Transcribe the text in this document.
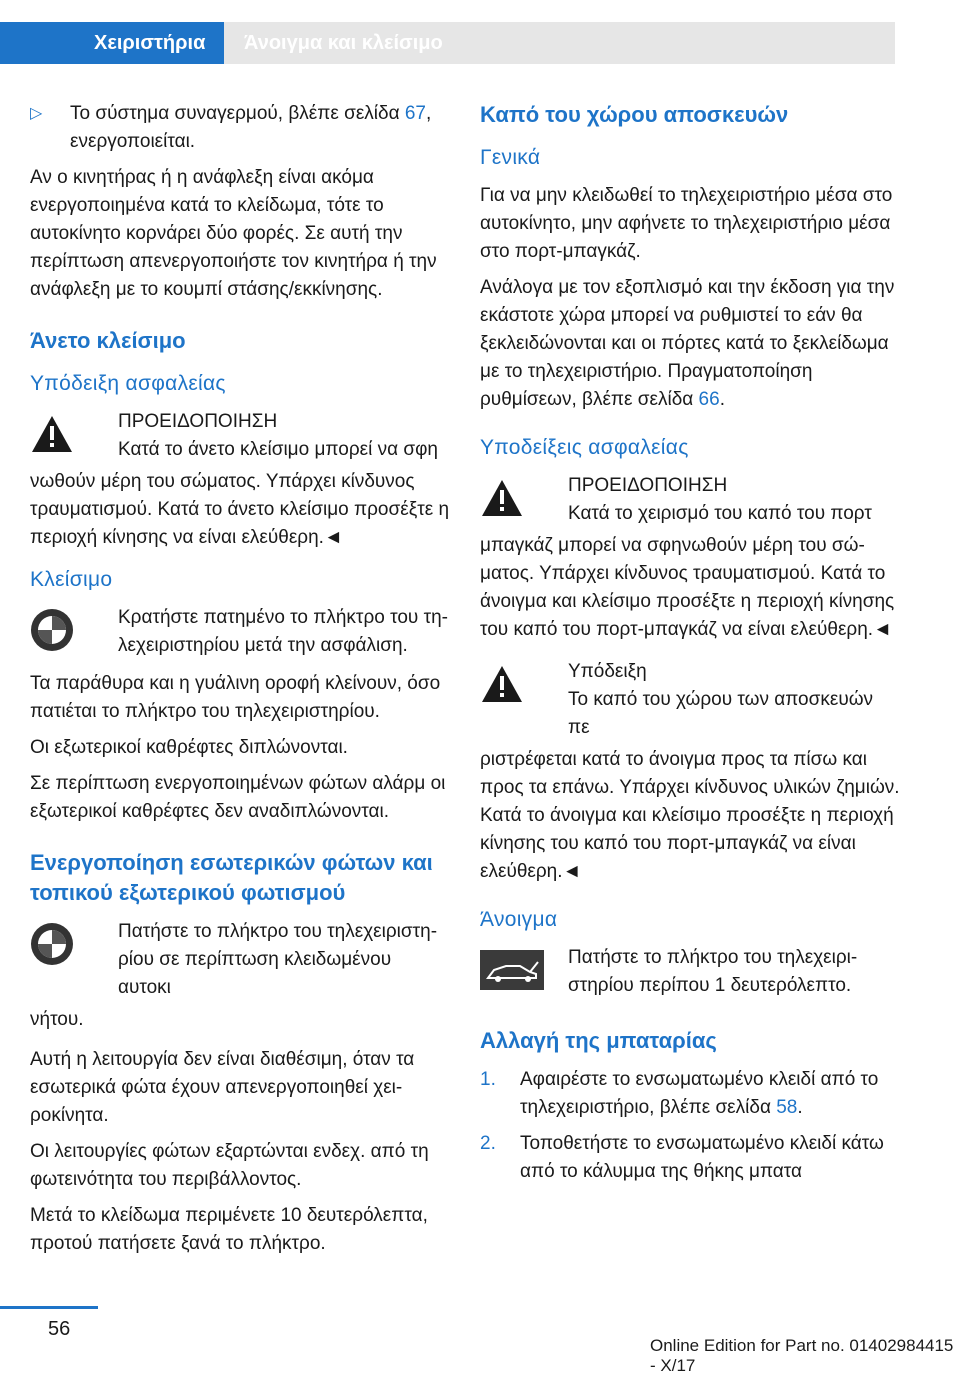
Χειριστήρια	Άνοιγμα και κλείσιμο
▷	Το σύστημα συναγερμού, βλέπε σελίδα 67, ενεργοποιείται.

Αν ο κινητήρας ή η ανάφλεξη είναι ακόμα ενεργοποιημένα κατά το κλείδωμα, τότε το αυτοκίνητο κορνάρει δύο φορές. Σε αυτή την περίπτωση απενεργοποιήστε τον κινητήρα ή την ανάφλεξη με το κουμπί στάσης/εκκίνησης.

Άνετο κλείσιμο
Υπόδειξη ασφαλείας
ΠΡΟΕΙΔΟΠΟΙΗΣΗ
Κατά το άνετο κλείσιμο μπορεί να σφη

νωθούν μέρη του σώματος. Υπάρχει κίνδυνος τραυματισμού. Κατά το άνετο κλείσιμο προσέξτε η περιοχή κίνησης να είναι ελεύθερη.◄

Κλείσιμο
Κρατήστε πατημένο το πλήκτρο του τηλεχειριστηρίου μετά την ασφάλιση.

Τα παράθυρα και η γυάλινη οροφή κλείνουν, όσο πατιέται το πλήκτρο του τηλεχειριστηρίου.

Οι εξωτερικοί καθρέφτες διπλώνονται.

Σε περίπτωση ενεργοποιημένων φώτων αλάρμ οι εξωτερικοί καθρέφτες δεν αναδιπλώνονται.

Ενεργοποίηση εσωτερικών φώτων και τοπικού εξωτερικού φωτισμού
Πατήστε το πλήκτρο του τηλεχειριστηρίου σε περίπτωση κλειδωμένου αυτοκι

νήτου.

Αυτή η λειτουργία δεν είναι διαθέσιμη, όταν τα εσωτερικά φώτα έχουν απενεργοποιηθεί χειροκίνητα.

Οι λειτουργίες φώτων εξαρτώνται ενδεχ. από τη φωτεινότητα του περιβάλλοντος.

Μετά το κλείδωμα περιμένετε 10 δευτερόλεπτα, προτού πατήσετε ξανά το πλήκτρο.

Καπό του χώρου αποσκευών
Γενικά

Για να μην κλειδωθεί το τηλεχειριστήριο μέσα στο αυτοκίνητο, μην αφήνετε το τηλεχειριστήριο μέσα στο πορτ-μπαγκάζ.

Ανάλογα με τον εξοπλισμό και την έκδοση για την εκάστοτε χώρα μπορεί να ρυθμιστεί το εάν θα ξεκλειδώνονται και οι πόρτες κατά το ξεκλείδωμα με το τηλεχειριστήριο. Πραγματοποίηση ρυθμίσεων, βλέπε σελίδα 66.

Υποδείξεις ασφαλείας
ΠΡΟΕΙΔΟΠΟΙΗΣΗ
Κατά το χειρισμό του καπό του πορτ

μπαγκάζ μπορεί να σφηνωθούν μέρη του σώματος. Υπάρχει κίνδυνος τραυματισμού. Κατά το άνοιγμα και κλείσιμο προσέξτε η περιοχή κίνησης του καπό του πορτ-μπαγκάζ να είναι ελεύθερη.◄

Υπόδειξη
Το καπό του χώρου των αποσκευών πε

ριστρέφεται κατά το άνοιγμα προς τα πίσω και προς τα επάνω. Υπάρχει κίνδυνος υλικών ζημιών. Κατά το άνοιγμα και κλείσιμο προσέξτε η περιοχή κίνησης του καπό του πορτ-μπαγκάζ να είναι ελεύθερη.◄

Άνοιγμα
Πατήστε το πλήκτρο του τηλεχειριστηρίου περίπου 1 δευτερόλεπτο.
Αλλαγή της μπαταρίας
1.	Αφαιρέστε το ενσωματωμένο κλειδί από το τηλεχειριστήριο, βλέπε σελίδα 58.
2.	Τοποθετήστε το ενσωματωμένο κλειδί κάτω από το κάλυμμα της θήκης μπατα
56
Online Edition for Part no. 01402984415 - X/17
